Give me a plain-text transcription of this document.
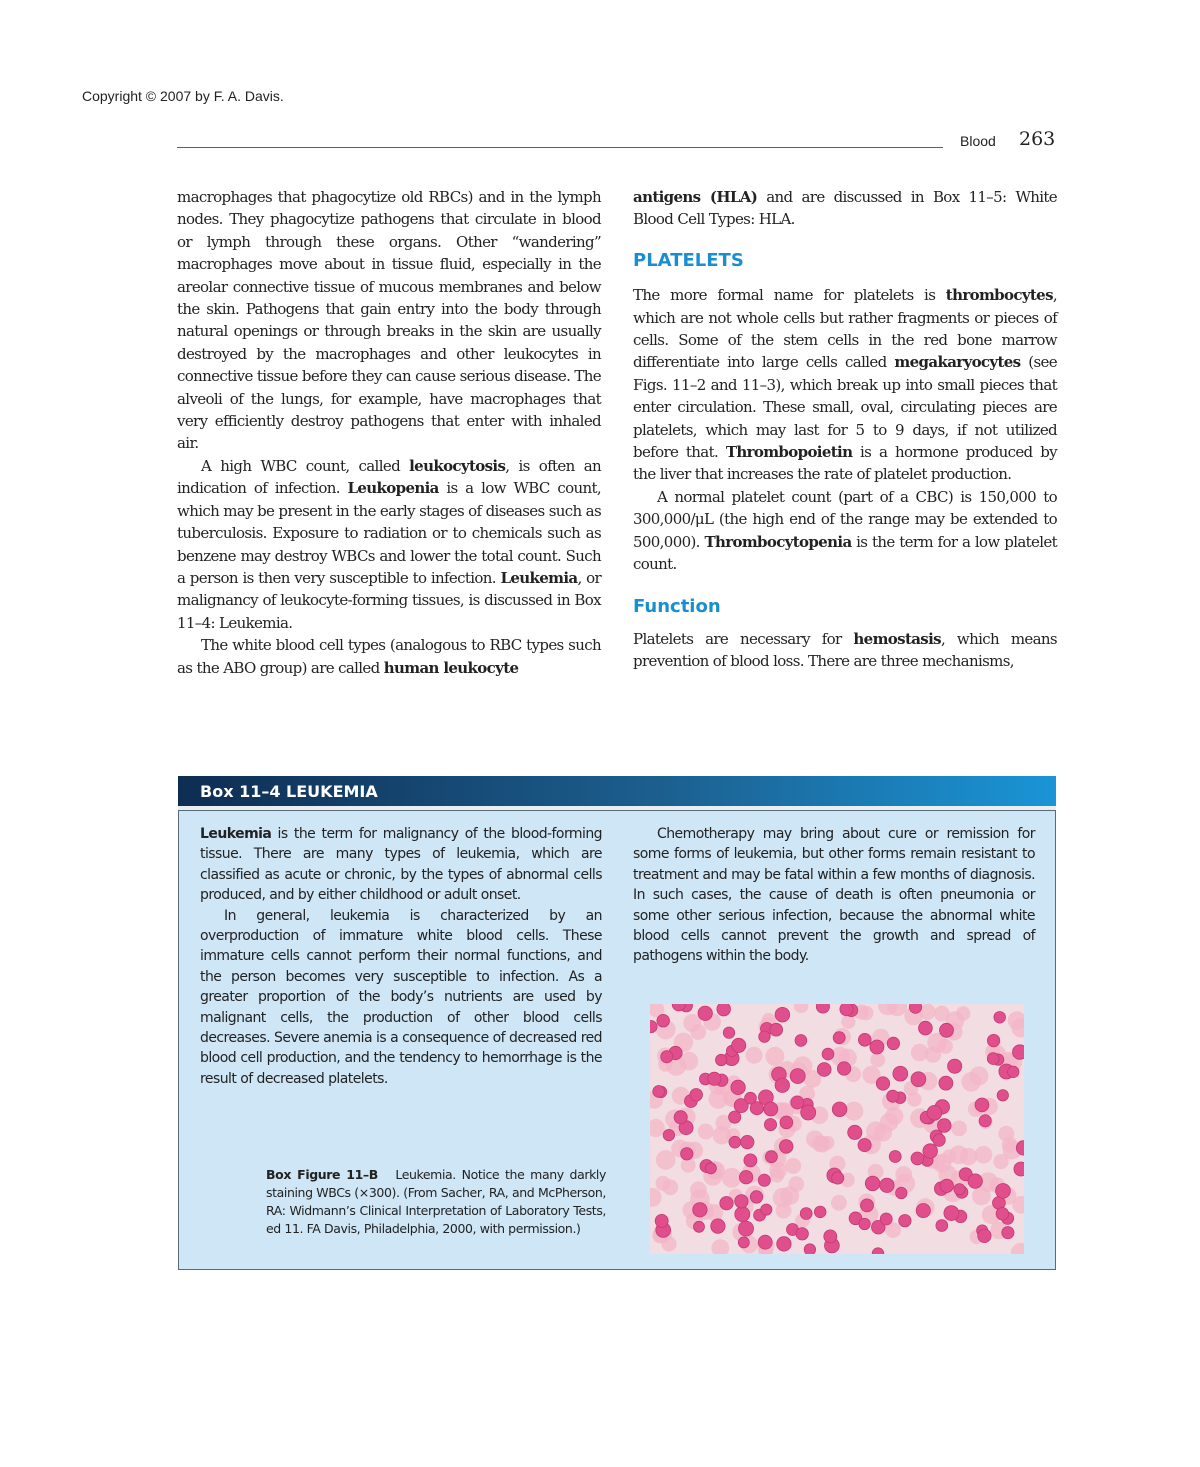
Copyright © 2007 by F. A. Davis.
Blood 263

macrophages that phagocytize old RBCs) and in the lymph nodes. They phagocytize pathogens that circulate in blood or lymph through these organs. Other “wandering” macrophages move about in tissue fluid, especially in the areolar connective tissue of mucous membranes and below the skin. Pathogens that gain entry into the body through natural openings or through breaks in the skin are usually destroyed by the macrophages and other leukocytes in connective tissue before they can cause serious disease. The alveoli of the lungs, for example, have macrophages that very efficiently destroy pathogens that enter with inhaled air.

A high WBC count, called leukocytosis, is often an indication of infection. Leukopenia is a low WBC count, which may be present in the early stages of diseases such as tuberculosis. Exposure to radiation or to chemicals such as benzene may destroy WBCs and lower the total count. Such a person is then very susceptible to infection. Leukemia, or malignancy of leukocyte-forming tissues, is discussed in Box 11–4: Leukemia.

The white blood cell types (analogous to RBC types such as the ABO group) are called human leukocyte

antigens (HLA) and are discussed in Box 11–5: White Blood Cell Types: HLA.

PLATELETS

The more formal name for platelets is thrombocytes, which are not whole cells but rather fragments or pieces of cells. Some of the stem cells in the red bone marrow differentiate into large cells called megakaryocytes (see Figs. 11–2 and 11–3), which break up into small pieces that enter circulation. These small, oval, circulating pieces are platelets, which may last for 5 to 9 days, if not utilized before that. Thrombopoietin is a hormone produced by the liver that increases the rate of platelet production.

A normal platelet count (part of a CBC) is 150,000 to 300,000/μL (the high end of the range may be extended to 500,000). Thrombocytopenia is the term for a low platelet count.

Function

Platelets are necessary for hemostasis, which means prevention of blood loss. There are three mechanisms,

Box 11–4 LEUKEMIA

Leukemia is the term for malignancy of the blood-forming tissue. There are many types of leukemia, which are classified as acute or chronic, by the types of abnormal cells produced, and by either childhood or adult onset.

In general, leukemia is characterized by an overproduction of immature white blood cells. These immature cells cannot perform their normal functions, and the person becomes very susceptible to infection. As a greater proportion of the body’s nutrients are used by malignant cells, the production of other blood cells decreases. Severe anemia is a consequence of decreased red blood cell production, and the tendency to hemorrhage is the result of decreased platelets.

Chemotherapy may bring about cure or remission for some forms of leukemia, but other forms remain resistant to treatment and may be fatal within a few months of diagnosis. In such cases, the cause of death is often pneumonia or some other serious infection, because the abnormal white blood cells cannot prevent the growth and spread of pathogens within the body.

Box Figure 11–B Leukemia. Notice the many darkly staining WBCs (×300). (From Sacher, RA, and McPherson, RA: Widmann’s Clinical Interpretation of Laboratory Tests, ed 11. FA Davis, Philadelphia, 2000, with permission.)
